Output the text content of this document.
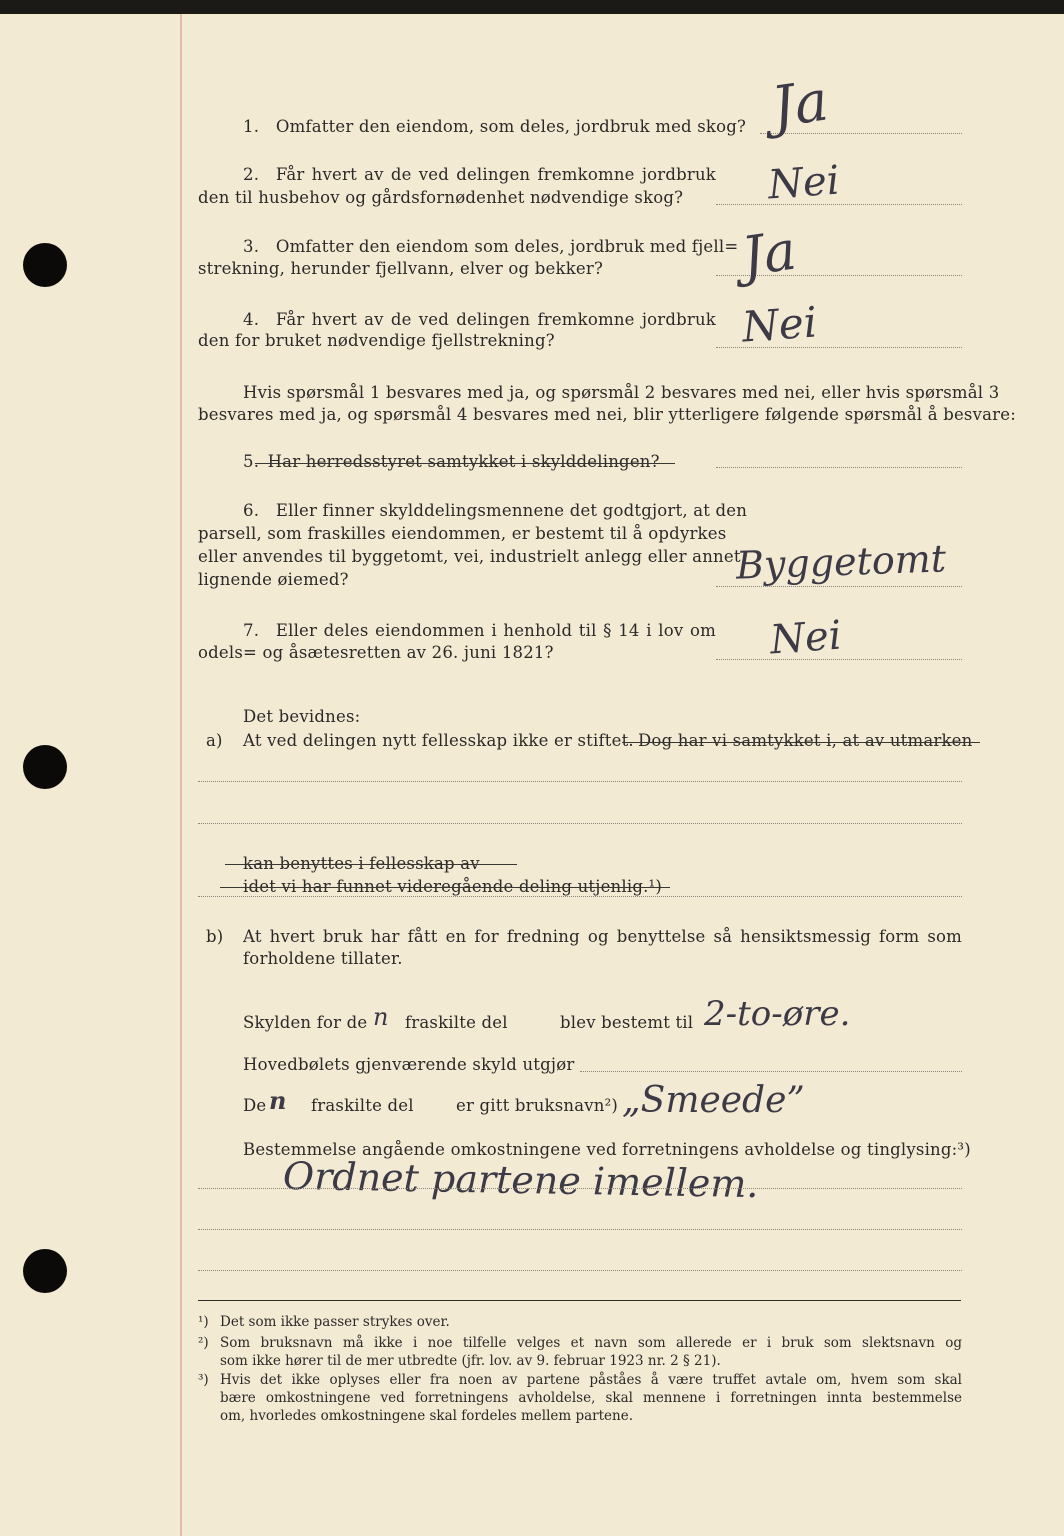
1. Omfatter den eiendom, som deles, jordbruk med skog? Ja
2. Får hvert av de ved delingen fremkomne jordbruk
den til husbehov og gårdsfornødenhet nødvendige skog? Nei
3. Omfatter den eiendom som deles, jordbruk med fjell=
strekning, herunder fjellvann, elver og bekker? Ja
4. Får hvert av de ved delingen fremkomne jordbruk
den for bruket nødvendige fjellstrekning?	Nei
Hvis spørsmål 1 besvares med ja, og spørsmål 2 besvares med nei, eller hvis spørsmål 3
besvares med ja, og spørsmål 4 besvares med nei, blir ytterligere følgende spørsmål å besvare:
5. Har herredsstyret samtykket i skylddelingen?
6. Eller finner skylddelingsmennene det godtgjort, at den
parsell, som fraskilles eiendommen, er bestemt til å opdyrkes
eller anvendes til byggetomt, vei, industrielt anlegg eller annet
lignende øiemed?	Byggetomt
7. Eller deles eiendommen i henhold til § 14 i lov om
odels= og åsætesretten av 26. juni 1821?	Nei
Det bevidnes:
a) At ved delingen nytt fellesskap ikke er stiftet. Dog har vi samtykket i, at av utmarken
kan benyttes i fellesskap av
idet vi har funnet videregående deling utjenlig.¹)
b) At hvert bruk har fått en for fredning og benyttelse så hensiktsmessig form som
forholdene tillater.
Skylden for de n fraskilte del	blev bestemt til 2-to-øre.
Hovedbølets gjenværende skyld utgjør
De n fraskilte del	er gitt bruksnavn²) „Smeede”
Bestemmelse angående omkostningene ved forretningens avholdelse og tinglysing:³)
Ordnet partene imellem.
¹) Det som ikke passer strykes over.
²) Som bruksnavn må ikke i noe tilfelle velges et navn som allerede er i bruk som slektsnavn og
som ikke hører til de mer utbredte (jfr. lov. av 9. februar 1923 nr. 2 § 21).
³) Hvis det ikke oplyses eller fra noen av partene påståes å være truffet avtale om, hvem som skal
bære omkostningene ved forretningens avholdelse, skal mennene i forretningen innta bestemmelse
om, hvorledes omkostningene skal fordeles mellem partene.
